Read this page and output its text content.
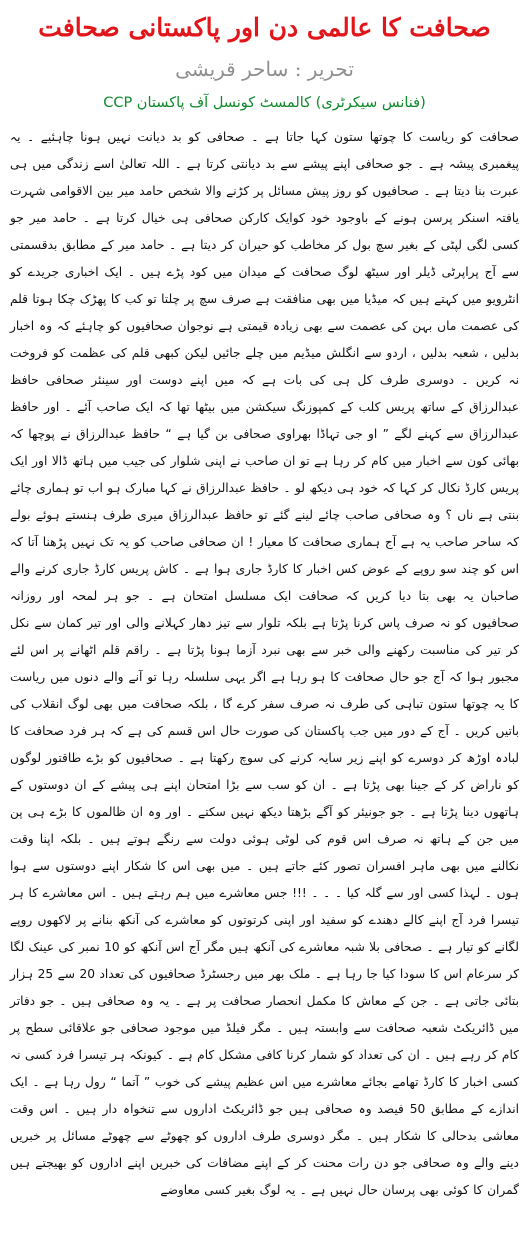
صحافت کا عالمی دن اور پاکستانی صحافت
تحریر : ساحر قریشی
(فنانس سیکرٹری) کالمسٹ کونسل آف پاکستان CCP
صحافت کو ریاست کا چوتھا ستون کہا جاتا ہے ۔ صحافی کو بد دیانت نہیں ہونا چاہئیے ۔ یہ پیغمبری پیشہ ہے ۔ جو صحافی اپنے پیشے سے بد دیانتی کرتا ہے ۔ اللہ تعالیٰ اسے زندگی میں ہی عبرت بنا دیتا ہے ۔ صحافیوں کو روز پیش مسائل پر کڑنے والا شخص حامد میر بین الاقوامی شہرت یافتہ اسنکر پرسن ہونے کے باوجود خود کوایک کارکن صحافی ہی خیال کرتا ہے ۔ حامد میر جو کسی لگی لپٹی کے بغیر سچ بول کر مخاطب کو حیران کر دیتا ہے ۔ حامد میر کے مطابق بدقسمتی سے آج پراپرٹی ڈیلر اور سیٹھ لوگ صحافت کے میدان میں کود پڑے ہیں ۔ ایک اخباری جریدے کو انٹرویو میں کہتے ہیں کہ میڈیا میں بھی منافقت ہے صرف سچ پر چلتا تو کب کا پھڑک چکا ہوتا قلم کی عصمت ماں بہن کی عصمت سے بھی زیادہ قیمتی ہے نوجوان صحافیوں کو چاہئے کہ وہ اخبار بدلیں ، شعبہ بدلیں ، اردو سے انگلش میڈیم میں چلے جائیں لیکن کبھی قلم کی عظمت کو فروخت نہ کریں ۔ دوسری طرف کل ہی کی بات ہے کہ میں اپنے دوست اور سینئر صحافی حافظ عبدالرزاق کے ساتھ پریس کلب کے کمپوزنگ سیکشن میں بیٹھا تھا کہ ایک صاحب آئے ۔ اور حافظ عبدالرزاق سے کہنے لگے ” او جی تہاڈا بھراوی صحافی بن گیا ہے “ حافظ عبدالرزاق نے پوچھا کہ بھائی کون سے اخبار میں کام کر رہا ہے تو ان صاحب نے اپنی شلوار کی جیب میں ہاتھ ڈالا اور ایک پریس کارڈ نکال کر کہا کہ خود ہی دیکھ لو ۔ حافظ عبدالرزاق نے کہا مبارک ہو اب تو ہماری چائے بنتی ہے ناں ؟ وہ صحافی صاحب چائے لینے گئے تو حافظ عبدالرزاق میری طرف ہنستے ہوئے بولے کہ ساحر صاحب یہ ہے آج ہماری صحافت کا معیار ! ان صحافی صاحب کو یہ تک نہیں پڑھنا آتا کہ اس کو چند سو روپے کے عوض کس اخبار کا کارڈ جاری ہوا ہے ۔ کاش پریس کارڈ جاری کرنے والے صاحبان یہ بھی بتا دیا کریں کہ صحافت ایک مسلسل امتحان ہے ۔ جو ہر لمحہ اور روزانہ صحافیوں کو نہ صرف پاس کرنا پڑتا ہے بلکہ تلوار سے تیز دھار کہلانے والی اور تیر کمان سے نکل کر تیر کی مناسبت رکھنے والی خبر سے بھی نبرد آزما ہونا پڑتا ہے ۔ راقم قلم اٹھانے پر اس لئے مجبور ہوا کہ آج جو حال صحافت کا ہو رہا ہے اگر یہی سلسلہ رہا تو آنے والے دنوں میں ریاست کا یہ چوتھا ستون تباہی کی طرف نہ صرف سفر کرے گا ، بلکہ صحافت میں بھی لوگ انقلاب کی باتیں کریں ۔ آج کے دور میں جب پاکستان کی صورت حال اس قسم کی ہے کہ ہر فرد صحافت کا لبادہ اوڑھ کر دوسرے کو اپنے زیر سایہ کرنے کی سوچ رکھتا ہے ۔ صحافیوں کو بڑے طاقتور لوگوں کو ناراض کر کے جینا بھی پڑتا ہے ۔ ان کو سب سے بڑا امتحان اپنے ہی پیشے کے ان دوستوں کے ہاتھوں دینا پڑتا ہے ۔ جو جونیئر کو آگے بڑھتا دیکھ نہیں سکتے ۔ اور وہ ان ظالموں کا بڑے ہی پن میں جن کے ہاتھ نہ صرف اس قوم کی لوٹی ہوئی دولت سے رنگے ہوتے ہیں ۔ بلکہ اپنا وقت نکالنے میں بھی ماہر افسران تصور کئے جاتے ہیں ۔ میں بھی اس کا شکار اپنے دوستوں سے ہوا ہوں ۔ لہذا کسی اور سے گلہ کیا ۔ ۔ ۔ !!! جس معاشرے میں ہم رہتے ہیں ۔ اس معاشرے کا ہر تیسرا فرد آج اپنے کالے دھندے کو سفید اور اپنی کرتوتوں کو معاشرے کی آنکھ بنانے پر لاکھوں روپے لگانے کو تیار ہے ۔ صحافی بلا شبہ معاشرے کی آنکھ ہیں مگر آج اس آنکھ کو 10 نمبر کی عینک لگا کر سرعام اس کا سودا کیا جا رہا ہے ۔ ملک بھر میں رجسٹرڈ صحافیوں کی تعداد 20 سے 25 ہزار بتائی جاتی ہے ۔ جن کے معاش کا مکمل انحصار صحافت پر ہے ۔ یہ وہ صحافی ہیں ۔ جو دفاتر میں ڈائریکٹ شعبہ صحافت سے وابستہ ہیں ۔ مگر فیلڈ میں موجود صحافی جو علاقائی سطح پر کام کر رہے ہیں ۔ ان کی تعداد کو شمار کرنا کافی مشکل کام ہے ۔ کیونکہ ہر تیسرا فرد کسی نہ کسی اخبار کا کارڈ تھامے بجائے معاشرے میں اس عظیم پیشے کی خوب ” آتما “ رول رہا ہے ۔ ایک اندازے کے مطابق 50 فیصد وہ صحافی ہیں جو ڈائریکٹ اداروں سے تنخواہ دار ہیں ۔ اس وقت معاشی بدحالی کا شکار ہیں ۔ مگر دوسری طرف اداروں کو چھوٹے سے چھوٹے مسائل پر خبریں دینے والے وہ صحافی جو دن رات محنت کر کے اپنے مضافات کی خبریں اپنے اداروں کو بھیجتے ہیں گمران کا کوئی بھی پرسان حال نہیں ہے ۔ یہ لوگ بغیر کسی معاوضے
